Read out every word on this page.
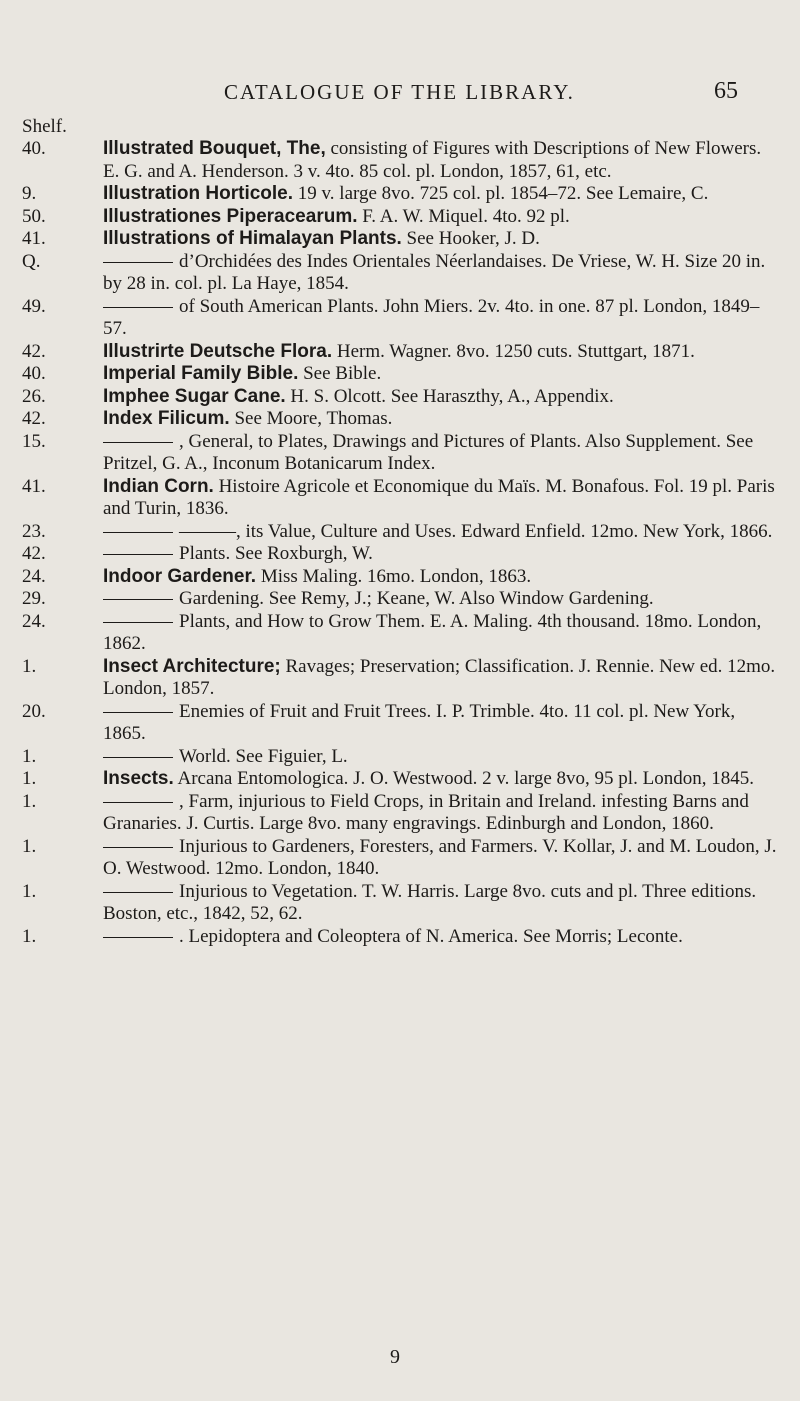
CATALOGUE OF THE LIBRARY.	65
Shelf.
40.	Illustrated Bouquet, The, consisting of Figures with Descriptions of New Flowers. E. G. and A. Henderson. 3 v. 4to. 85 col. pl. London, 1857, 61, etc.
9.	Illustration Horticole. 19 v. large 8vo. 725 col. pl. 1854–72. See Lemaire, C.
50.	Illustrationes Piperacearum. F. A. W. Miquel. 4to. 92 pl.
41.	Illustrations of Himalayan Plants. See Hooker, J. D.
Q.	d’Orchidées des Indes Orientales Néerlandaises. De Vriese, W. H. Size 20 in. by 28 in. col. pl. La Haye, 1854.
49.	of South American Plants. John Miers. 2v. 4to. in one. 87 pl. London, 1849–57.
42.	Illustrirte Deutsche Flora. Herm. Wagner. 8vo. 1250 cuts. Stuttgart, 1871.
40.	Imperial Family Bible. See Bible.
26.	Imphee Sugar Cane. H. S. Olcott. See Haraszthy, A., Appendix.
42.	Index Filicum. See Moore, Thomas.
15.	, General, to Plates, Drawings and Pictures of Plants. Also Supplement. See Pritzel, G. A., Inconum Botanicarum Index.
41.	Indian Corn. Histoire Agricole et Economique du Maïs. M. Bonafous. Fol. 19 pl. Paris and Turin, 1836.
23.	———, its Value, Culture and Uses. Edward Enfield. 12mo. New York, 1866.
42.	Plants. See Roxburgh, W.
24.	Indoor Gardener. Miss Maling. 16mo. London, 1863.
29.	Gardening. See Remy, J.; Keane, W. Also Window Gardening.
24.	Plants, and How to Grow Them. E. A. Maling. 4th thousand. 18mo. London, 1862.
1.	Insect Architecture; Ravages; Preservation; Classification. J. Rennie. New ed. 12mo. London, 1857.
20.	Enemies of Fruit and Fruit Trees. I. P. Trimble. 4to. 11 col. pl. New York, 1865.
1.	World. See Figuier, L.
1.	Insects. Arcana Entomologica. J. O. Westwood. 2 v. large 8vo, 95 pl. London, 1845.
1.	, Farm, injurious to Field Crops, in Britain and Ireland. infesting Barns and Granaries. J. Curtis. Large 8vo. many engravings. Edinburgh and London, 1860.
1.	Injurious to Gardeners, Foresters, and Farmers. V. Kollar, J. and M. Loudon, J. O. Westwood. 12mo. London, 1840.
1.	Injurious to Vegetation. T. W. Harris. Large 8vo. cuts and pl. Three editions. Boston, etc., 1842, 52, 62.
1.	. Lepidoptera and Coleoptera of N. America. See Morris; Leconte.
9
